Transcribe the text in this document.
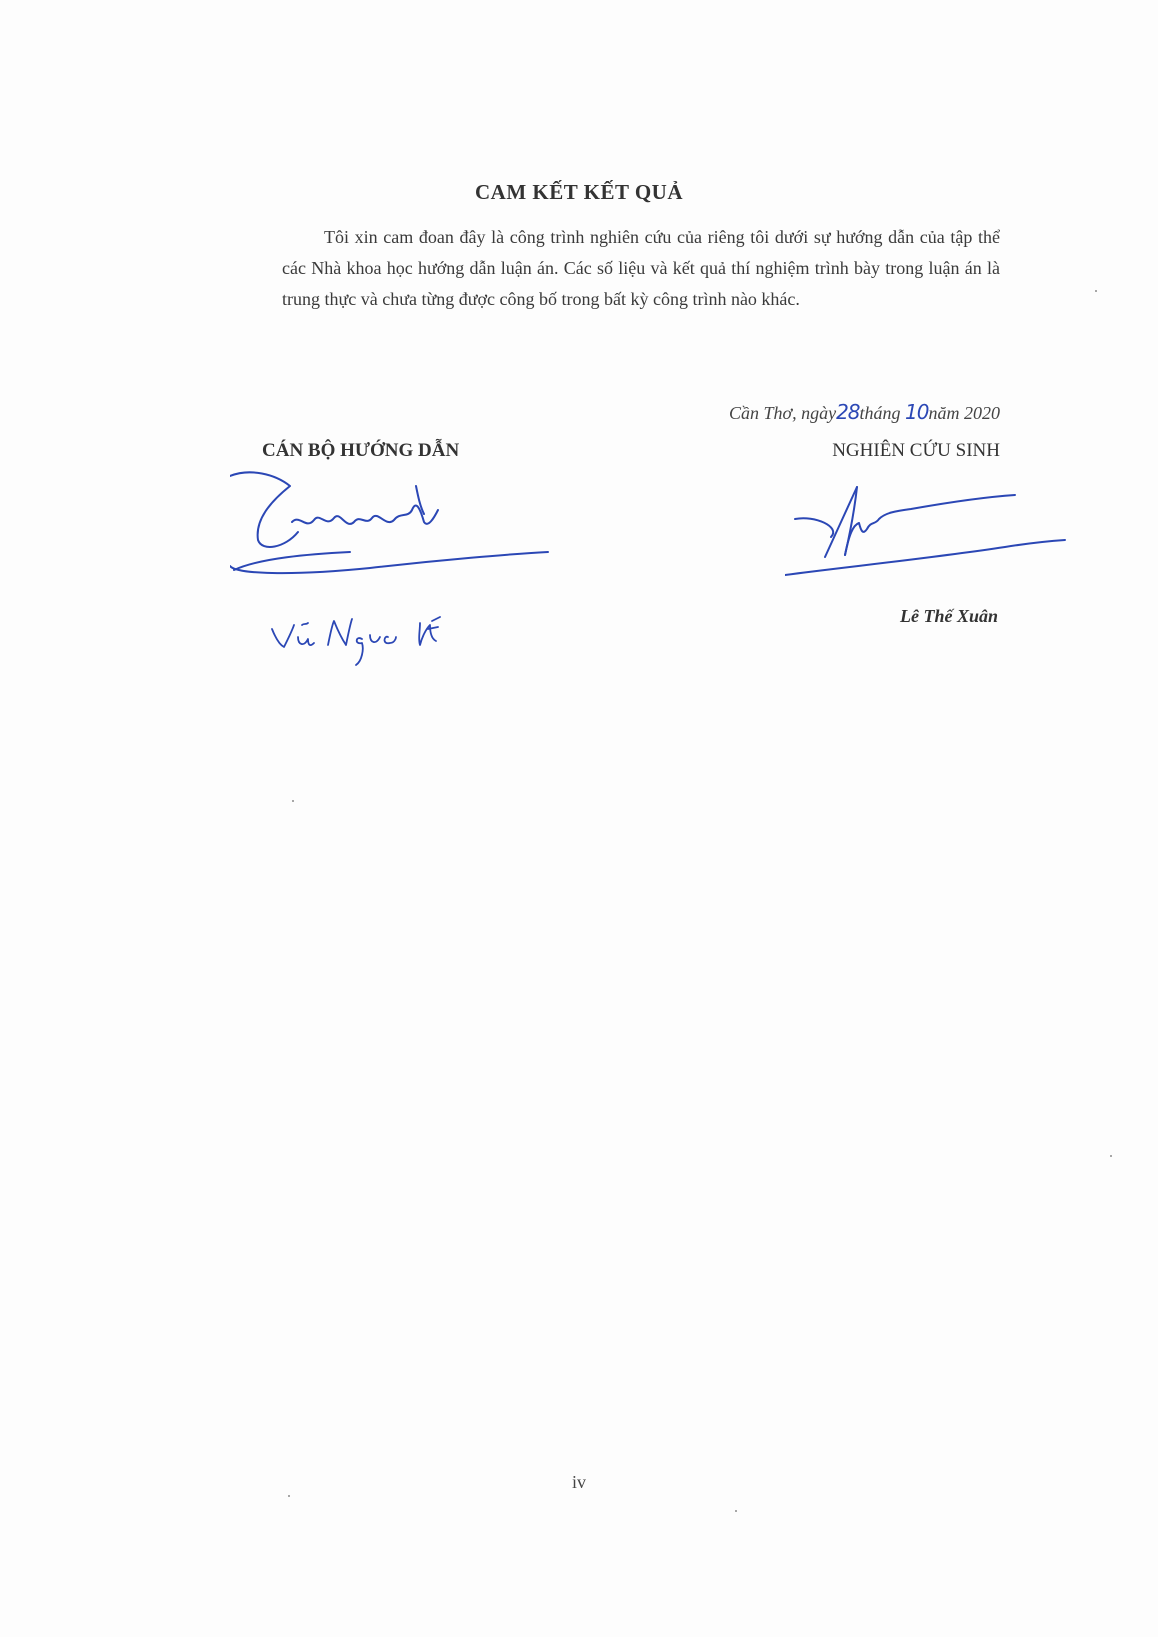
CAM KẾT KẾT QUẢ

Tôi xin cam đoan đây là công trình nghiên cứu của riêng tôi dưới sự hướng dẫn của tập thể các Nhà khoa học hướng dẫn luận án. Các số liệu và kết quả thí nghiệm trình bày trong luận án là trung thực và chưa từng được công bố trong bất kỳ công trình nào khác.

Cần Thơ, ngày28tháng 10năm 2020
CÁN BỘ HƯỚNG DẪN	NGHIÊN CỨU SINH
Lê Thế Xuân
iv
